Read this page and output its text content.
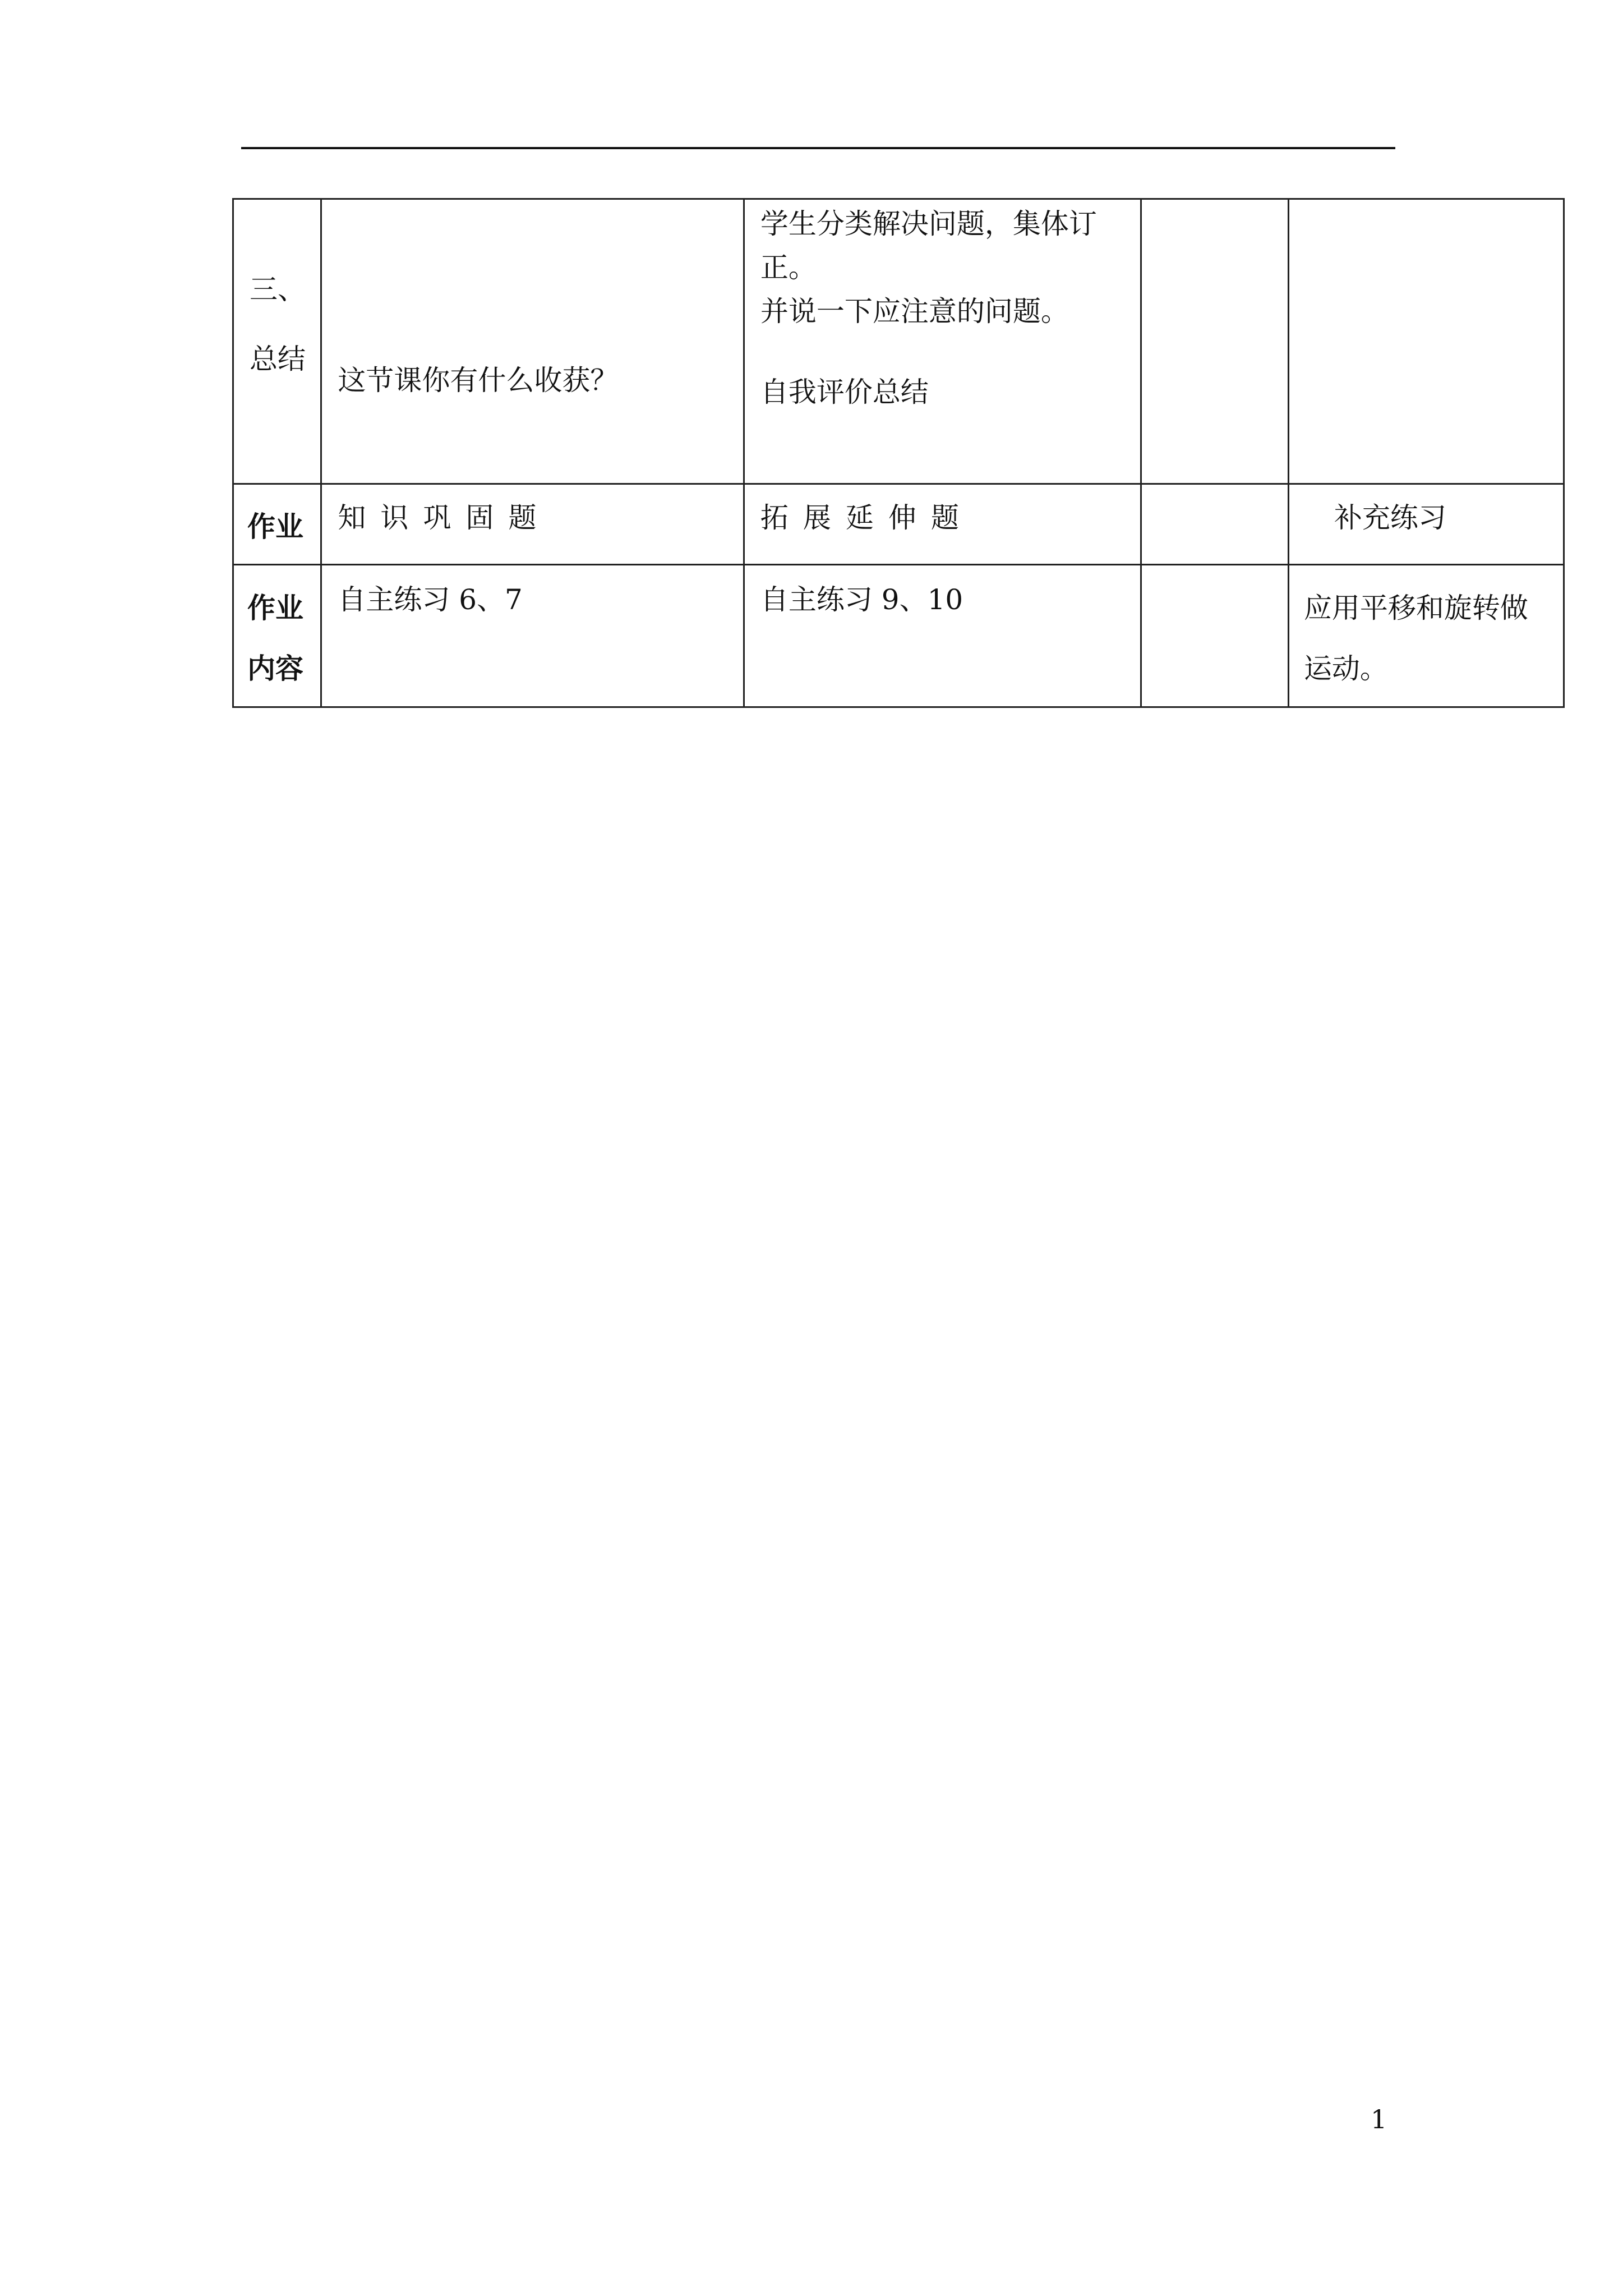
三、
总结	这节课你有什么收获？	学生分类解决问题，集体订正。
并说一下应注意的问题。
自我评价总结		

作业	知识巩固题	拓展延伸题		补充练习

作业
内容	自主练习 6、7	自主练习 9、10		应用平移和旋转做运动。
1
